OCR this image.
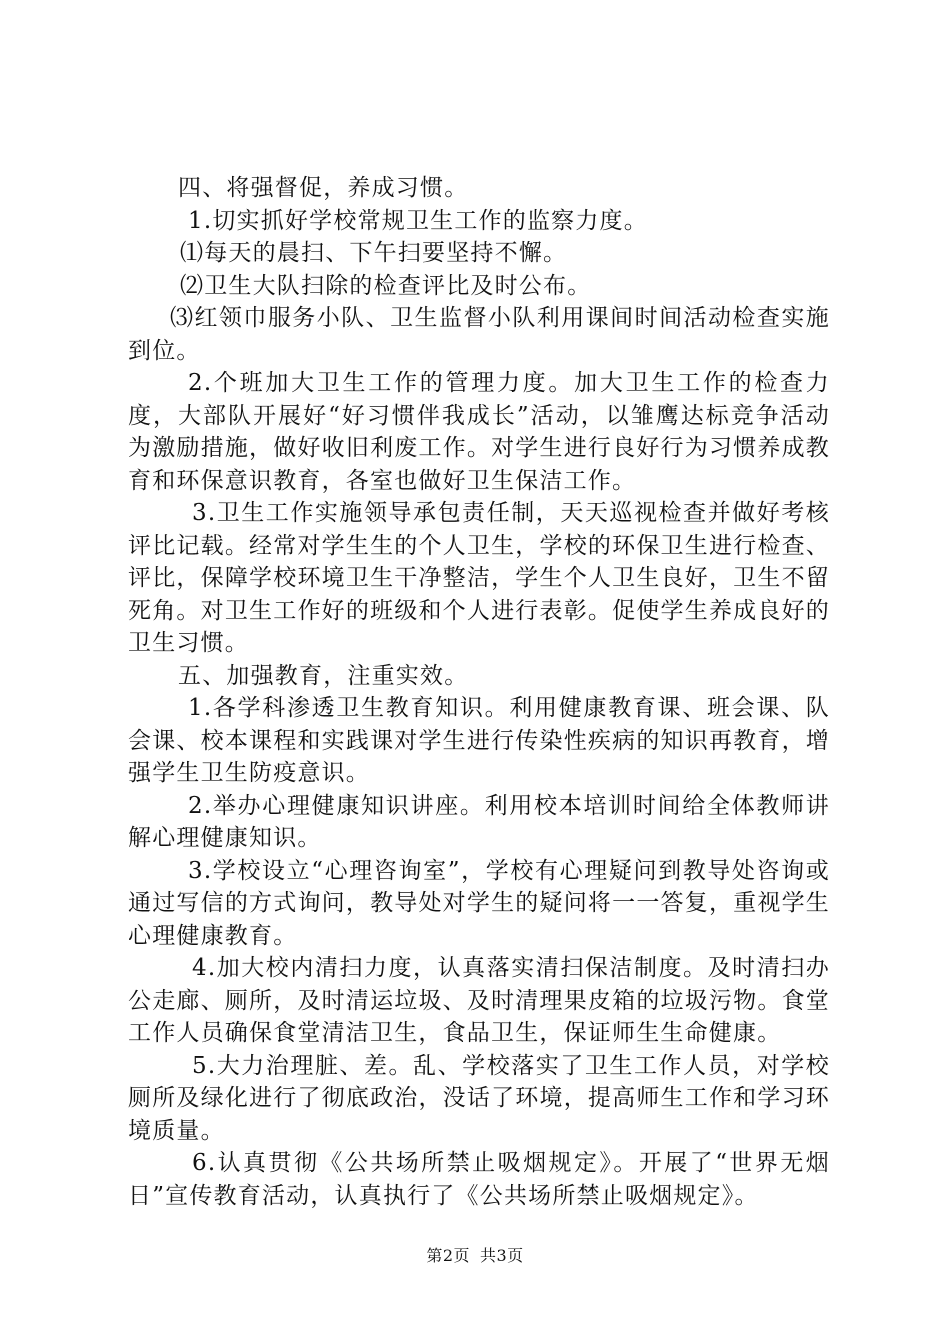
四、将强督促，养成习惯。

1.切实抓好学校常规卫生工作的监察力度。

⑴每天的晨扫、下午扫要坚持不懈。

⑵卫生大队扫除的检查评比及时公布。

⑶红领巾服务小队、卫生监督小队利用课间时间活动检查实施到位。

2.个班加大卫生工作的管理力度。加大卫生工作的检查力度，大部队开展好“好习惯伴我成长”活动，以雏鹰达标竞争活动为激励措施，做好收旧利废工作。对学生进行良好行为习惯养成教育和环保意识教育，各室也做好卫生保洁工作。

3.卫生工作实施领导承包责任制，天天巡视检查并做好考核评比记载。经常对学生生的个人卫生，学校的环保卫生进行检查、评比，保障学校环境卫生干净整洁，学生个人卫生良好，卫生不留死角。对卫生工作好的班级和个人进行表彰。促使学生养成良好的卫生习惯。

五、加强教育，注重实效。

1.各学科渗透卫生教育知识。利用健康教育课、班会课、队会课、校本课程和实践课对学生进行传染性疾病的知识再教育，增强学生卫生防疫意识。

2.举办心理健康知识讲座。利用校本培训时间给全体教师讲解心理健康知识。

3.学校设立“心理咨询室”，学校有心理疑问到教导处咨询或通过写信的方式询问，教导处对学生的疑问将一一答复，重视学生心理健康教育。

4.加大校内清扫力度，认真落实清扫保洁制度。及时清扫办公走廊、厕所，及时清运垃圾、及时清理果皮箱的垃圾污物。食堂工作人员确保食堂清洁卫生，食品卫生，保证师生生命健康。

5.大力治理脏、差。乱、学校落实了卫生工作人员，对学校厕所及绿化进行了彻底政治，没话了环境，提高师生工作和学习环境质量。

6.认真贯彻《公共场所禁止吸烟规定》。开展了“世界无烟日”宣传教育活动，认真执行了《公共场所禁止吸烟规定》。

第2页 共3页
